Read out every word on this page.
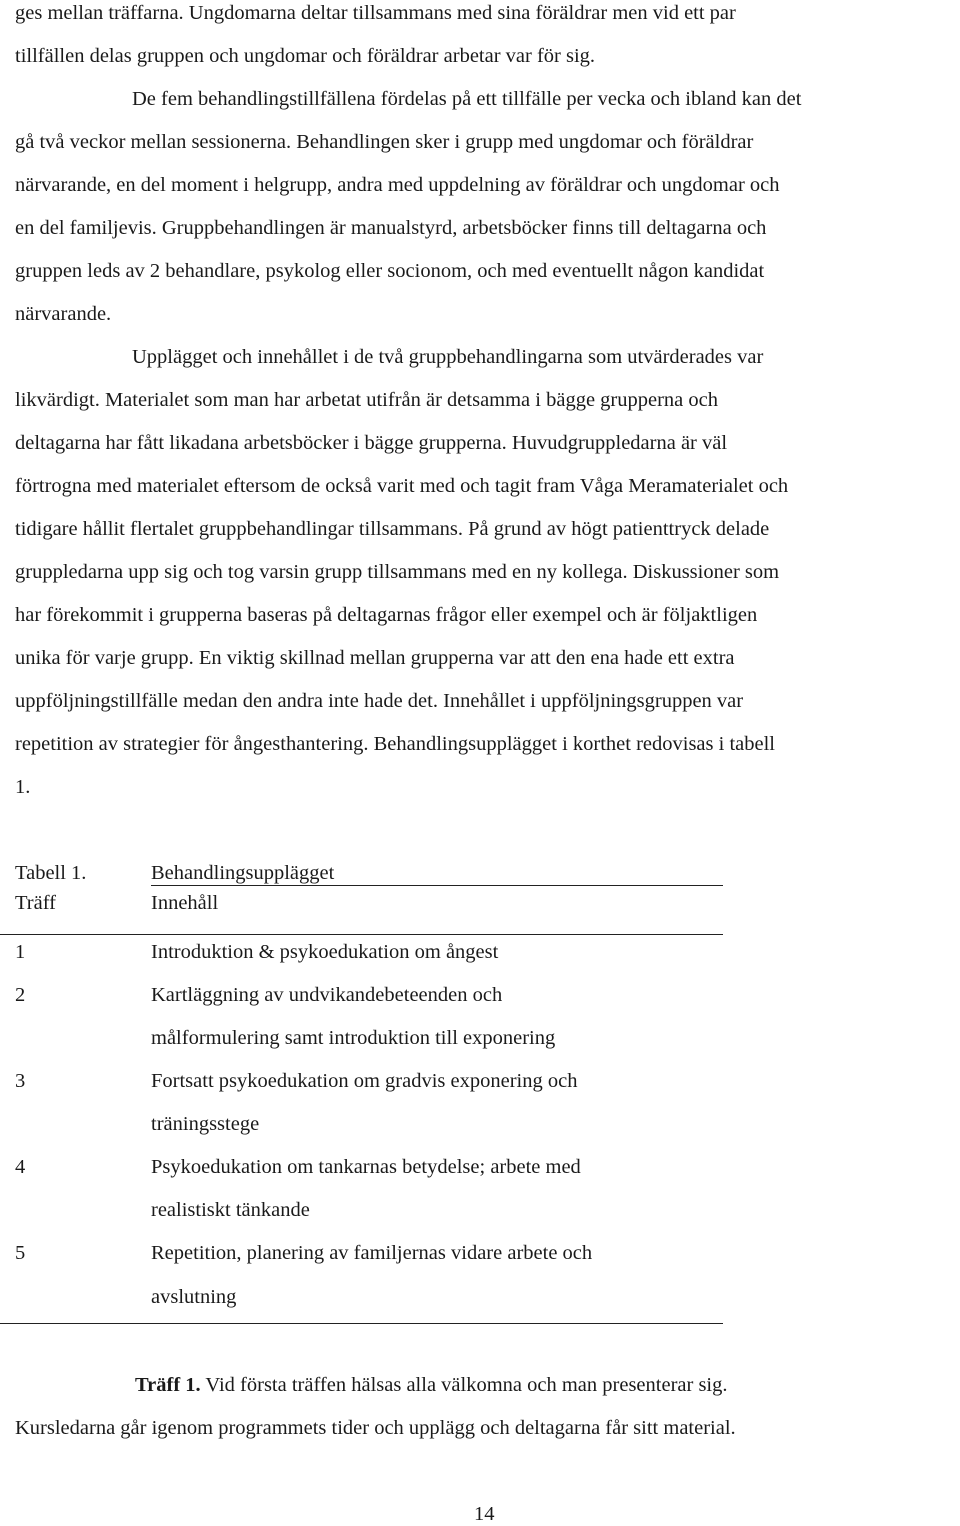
ges mellan träffarna. Ungdomarna deltar tillsammans med sina föräldrar men vid ett par
tillfällen delas gruppen och ungdomar och föräldrar arbetar var för sig.
De fem behandlingstillfällena fördelas på ett tillfälle per vecka och ibland kan det
gå två veckor mellan sessionerna. Behandlingen sker i grupp med ungdomar och föräldrar
närvarande, en del moment i helgrupp, andra med uppdelning av föräldrar och ungdomar och
en del familjevis. Gruppbehandlingen är manualstyrd, arbetsböcker finns till deltagarna och
gruppen leds av 2 behandlare, psykolog eller socionom, och med eventuellt någon kandidat
närvarande.
Upplägget och innehållet i de två gruppbehandlingarna som utvärderades var
likvärdigt. Materialet som man har arbetat utifrån är detsamma i bägge grupperna och
deltagarna har fått likadana arbetsböcker i bägge grupperna. Huvudgruppledarna är väl
förtrogna med materialet eftersom de också varit med och tagit fram Våga Meramaterialet och
tidigare hållit flertalet gruppbehandlingar tillsammans. På grund av högt patienttryck delade
gruppledarna upp sig och tog varsin grupp tillsammans med en ny kollega. Diskussioner som
har förekommit i grupperna baseras på deltagarnas frågor eller exempel och är följaktligen
unika för varje grupp. En viktig skillnad mellan grupperna var att den ena hade ett extra
uppföljningstillfälle medan den andra inte hade det. Innehållet i uppföljningsgruppen var
repetition av strategier för ångesthantering. Behandlingsupplägget i korthet redovisas i tabell
1.
Tabell 1.	Behandlingsupplägget
Träff	Innehåll
1	Introduktion & psykoedukation om ångest
2	Kartläggning av undvikandebeteenden och
målformulering samt introduktion till exponering
3	Fortsatt psykoedukation om gradvis exponering och
träningsstege
4	Psykoedukation om tankarnas betydelse; arbete med
realistiskt tänkande
5	Repetition, planering av familjernas vidare arbete och
avslutning
Träff 1. Vid första träffen hälsas alla välkomna och man presenterar sig.
Kursledarna går igenom programmets tider och upplägg och deltagarna får sitt material.
14
